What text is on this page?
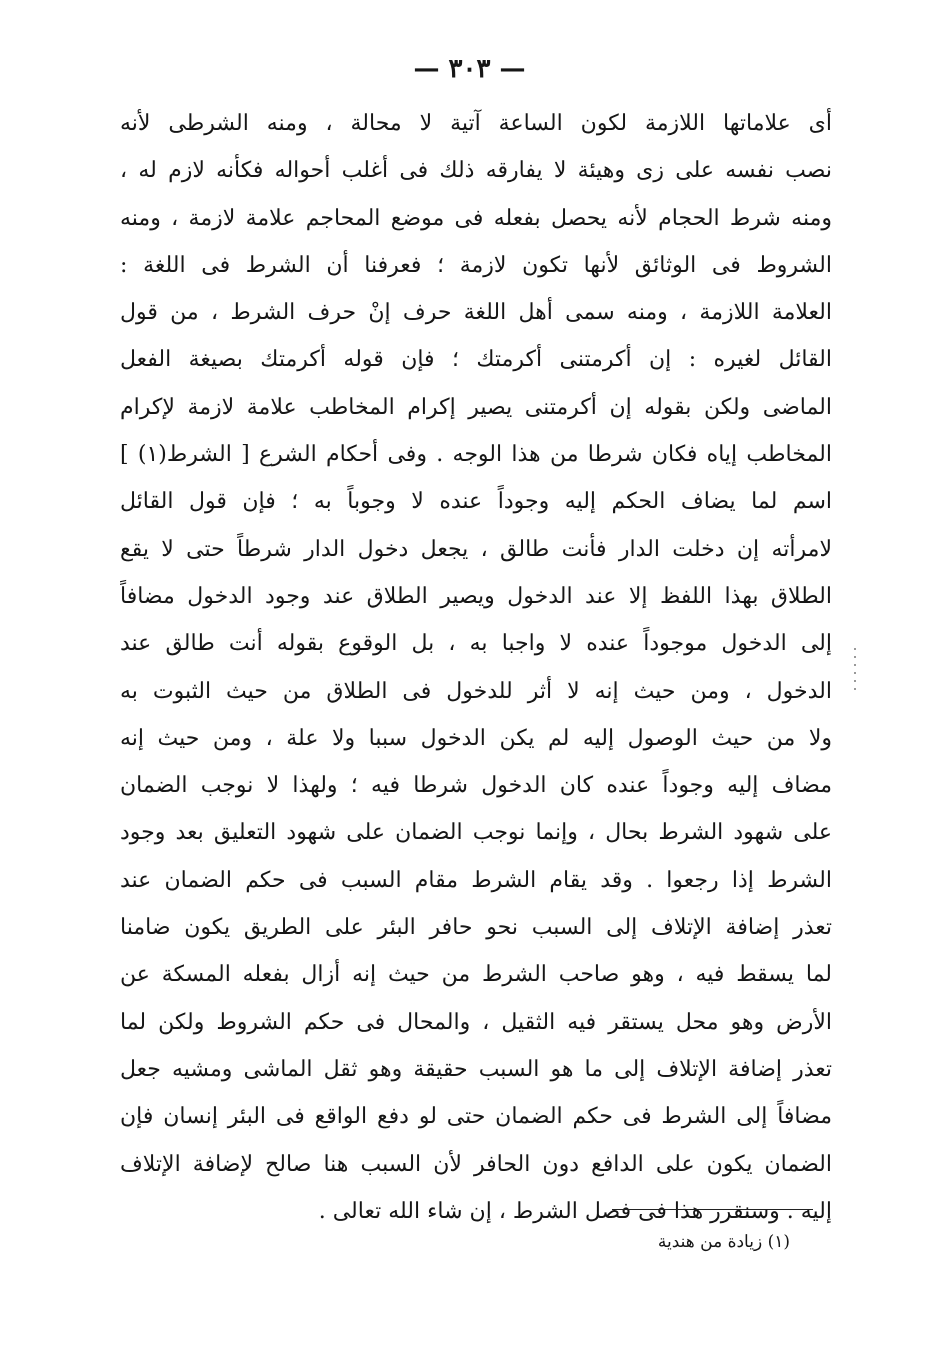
— ٣٠٣ —
أى علاماتها اللازمة لكون الساعة آتية لا محالة ، ومنه الشرطى لأنه
نصب نفسه على زى وهيئة لا يفارقه ذلك فى أغلب أحواله فكأنه لازم له ،
ومنه شرط الحجام لأنه يحصل بفعله فى موضع المحاجم علامة لازمة ، ومنه
الشروط فى الوثائق لأنها تكون لازمة ؛ فعرفنا أن الشرط فى اللغة :
العلامة اللازمة ، ومنه سمى أهل اللغة حرف إنْ حرف الشرط ، من قول
القائل لغيره : إن أكرمتنى أكرمتك ؛ فإن قوله أكرمتك بصيغة الفعل
الماضى ولكن بقوله إن أكرمتنى يصير إكرام المخاطب علامة لازمة لإكرام
المخاطب إياه فكان شرطا من هذا الوجه . وفى أحكام الشرع [ الشرط(١) ]
اسم لما يضاف الحكم إليه وجوداً عنده لا وجوباً به ؛ فإن قول القائل
لامرأته إن دخلت الدار فأنت طالق ، يجعل دخول الدار شرطاً حتى لا يقع
الطلاق بهذا اللفظ إلا عند الدخول ويصير الطلاق عند وجود الدخول مضافاً
إلى الدخول موجوداً عنده لا واجبا به ، بل الوقوع بقوله أنت طالق عند
الدخول ، ومن حيث إنه لا أثر للدخول فى الطلاق من حيث الثبوت به
ولا من حيث الوصول إليه لم يكن الدخول سببا ولا علة ، ومن حيث إنه
مضاف إليه وجوداً عنده كان الدخول شرطا فيه ؛ ولهذا لا نوجب الضمان
على شهود الشرط بحال ، وإنما نوجب الضمان على شهود التعليق بعد وجود
الشرط إذا رجعوا . وقد يقام الشرط مقام السبب فى حكم الضمان عند
تعذر إضافة الإتلاف إلى السبب نحو حافر البئر على الطريق يكون ضامنا
لما يسقط فيه ، وهو صاحب الشرط من حيث إنه أزال بفعله المسكة عن
الأرض وهو محل يستقر فيه الثقيل ، والمحال فى حكم الشروط ولكن لما
تعذر إضافة الإتلاف إلى ما هو السبب حقيقة وهو ثقل الماشى ومشيه جعل
مضافاً إلى الشرط فى حكم الضمان حتى لو دفع الواقع فى البئر إنسان فإن
الضمان يكون على الدافع دون الحافر لأن السبب هنا صالح لإضافة الإتلاف
إليه . وسنقرر هذا فى فصل الشرط ، إن شاء الله تعالى .
(١) زيادة من هندية
